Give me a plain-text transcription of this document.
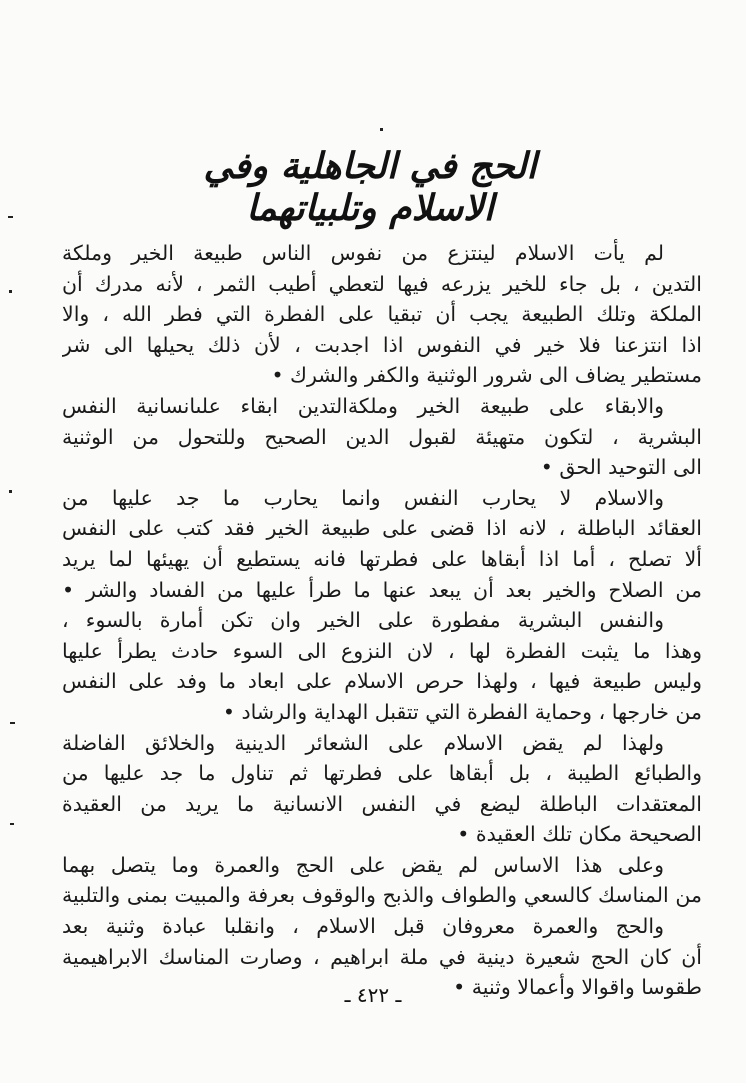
الحج في الجاهلية وفي الاسلام وتلبياتهما
لم يأت الاسلام لينتزع من نفوس الناس طبيعة الخير وملكة
التدين ، بل جاء للخير يزرعه فيها لتعطي أطيب الثمر ، لأنه مدرك أن
الملكة وتلك الطبيعة يجب أن تبقيا على الفطرة التي فطر الله ، والا
اذا انتزعنا فلا خير في النفوس اذا اجدبت ، لأن ذلك يحيلها الى شر
مستطير يضاف الى شرور الوثنية والكفر والشرك •
والابقاء على طبيعة الخير وملكةالتدين ابقاء علىانسانية النفس
البشرية ، لتكون متهيئة لقبول الدين الصحيح وللتحول من الوثنية
الى التوحيد الحق •
والاسلام لا يحارب النفس وانما يحارب ما جد عليها من
العقائد الباطلة ، لانه اذا قضى على طبيعة الخير فقد كتب على النفس
ألا تصلح ، أما اذا أبقاها على فطرتها فانه يستطيع أن يهيئها لما يريد
من الصلاح والخير بعد أن يبعد عنها ما طرأ عليها من الفساد والشر •
والنفس البشرية مفطورة على الخير وان تكن أمارة بالسوء ،
وهذا ما يثبت الفطرة لها ، لان النزوع الى السوء حادث يطرأ عليها
وليس طبيعة فيها ، ولهذا حرص الاسلام على ابعاد ما وفد على النفس
من خارجها ، وحماية الفطرة التي تتقبل الهداية والرشاد •
ولهذا لم يقض الاسلام على الشعائر الدينية والخلائق الفاضلة
والطبائع الطيبة ، بل أبقاها على فطرتها ثم تناول ما جد عليها من
المعتقدات الباطلة ليضع في النفس الانسانية ما يريد من العقيدة
الصحيحة مكان تلك العقيدة •
وعلى هذا الاساس لم يقض على الحج والعمرة وما يتصل بهما
من المناسك كالسعي والطواف والذبح والوقوف بعرفة والمبيت بمنى والتلبية
والحج والعمرة معروفان قبل الاسلام ، وانقلبا عبادة وثنية بعد
أن كان الحج شعيرة دينية في ملة ابراهيم ، وصارت المناسك الابراهيمية
طقوسا واقوالا وأعمالا وثنية •
ـ ٤٢٢ ـ
